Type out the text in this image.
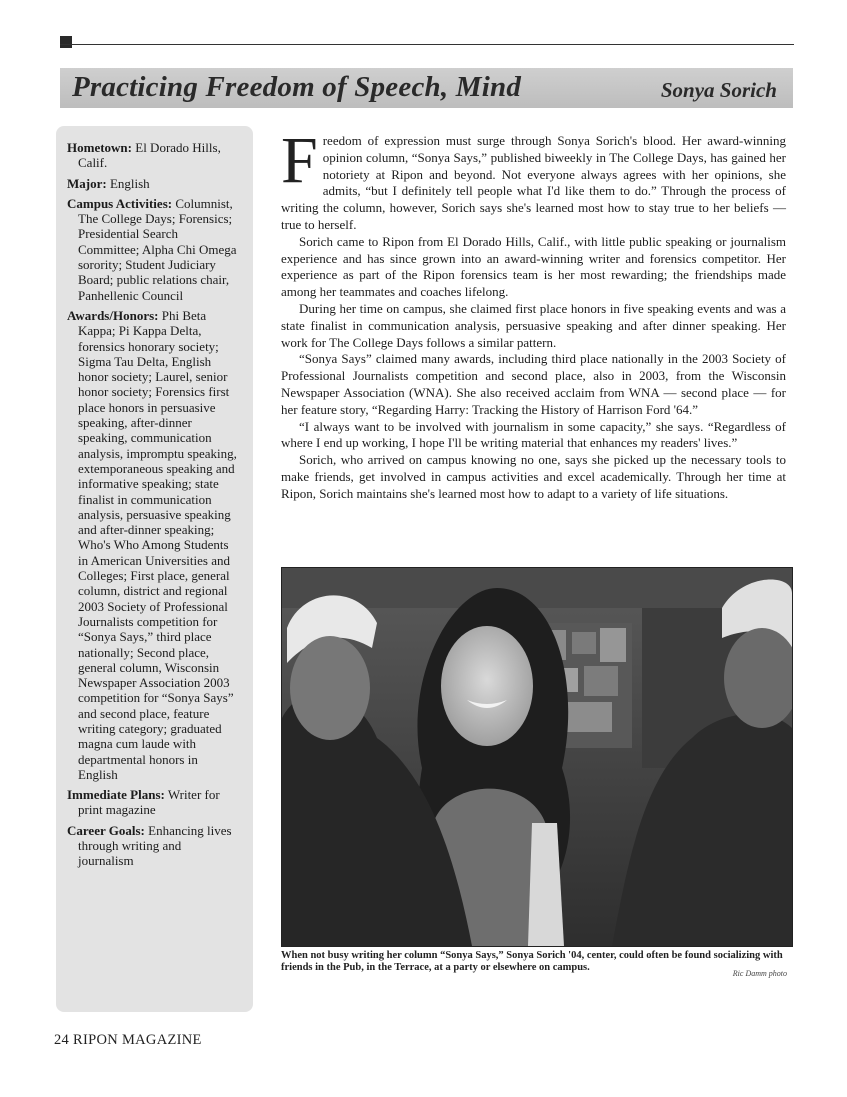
Practicing Freedom of Speech, Mind	Sonya Sorich

Hometown: El Dorado Hills, Calif.

Major: English

Campus Activities: Columnist, The College Days; Forensics; Presidential Search Committee; Alpha Chi Omega sorority; Student Judiciary Board; public relations chair, Panhellenic Council

Awards/Honors: Phi Beta Kappa; Pi Kappa Delta, forensics honorary society; Sigma Tau Delta, English honor society; Laurel, senior honor society; Forensics first place honors in persuasive speaking, after-dinner speaking, communication analysis, impromptu speaking, extemporaneous speaking and informative speaking; state finalist in communication analysis, persuasive speaking and after-dinner speaking; Who's Who Among Students in American Universities and Colleges; First place, general column, district and regional 2003 Society of Professional Journalists competition for “Sonya Says,” third place nationally; Second place, general column, Wisconsin Newspaper Association 2003 competition for “Sonya Says” and second place, feature writing category; graduated magna cum laude with departmental honors in English

Immediate Plans: Writer for print magazine

Career Goals: Enhancing lives through writing and journalism

Freedom of expression must surge through Sonya Sorich's blood. Her award-winning opinion column, “Sonya Says,” published biweekly in The College Days, has gained her notoriety at Ripon and beyond. Not everyone always agrees with her opinions, she admits, “but I definitely tell people what I'd like them to do.” Through the process of writing the column, however, Sorich says she's learned most how to stay true to her beliefs — true to herself.

Sorich came to Ripon from El Dorado Hills, Calif., with little public speaking or journalism experience and has since grown into an award-winning writer and forensics competitor. Her experience as part of the Ripon forensics team is her most rewarding; the friendships made among her teammates and coaches lifelong.

During her time on campus, she claimed first place honors in five speaking events and was a state finalist in communication analysis, persuasive speaking and after dinner speaking. Her work for The College Days follows a similar pattern.

“Sonya Says” claimed many awards, including third place nationally in the 2003 Society of Professional Journalists competition and second place, also in 2003, from the Wisconsin Newspaper Association (WNA). She also received acclaim from WNA — second place — for her feature story, “Regarding Harry: Tracking the History of Harrison Ford '64.”

“I always want to be involved with journalism in some capacity,” she says. “Regardless of where I end up working, I hope I'll be writing material that enhances my readers' lives.”

Sorich, who arrived on campus knowing no one, says she picked up the necessary tools to make friends, get involved in campus activities and excel academically. Through her time at Ripon, Sorich maintains she's learned most how to adapt to a variety of life situations.

When not busy writing her column “Sonya Says,” Sonya Sorich '04, center, could often be found socializing with friends in the Pub, in the Terrace, at a party or elsewhere on campus.
Ric Damm photo
24 RIPON MAGAZINE
